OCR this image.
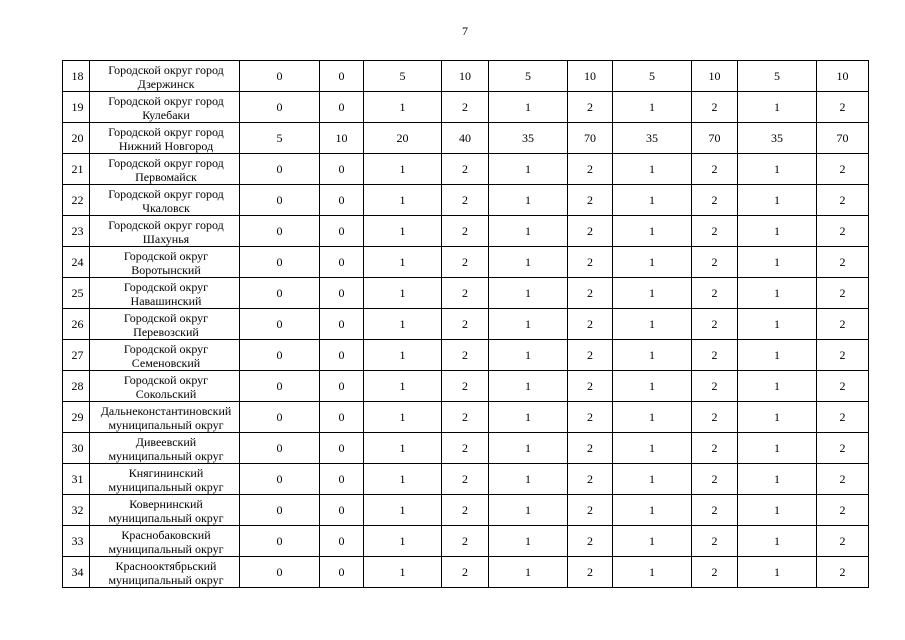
7
18	Городской округ город
Дзержинск	0	0	5	10	5	10	5	10	5	10
19	Городской округ город
Кулебаки	0	0	1	2	1	2	1	2	1	2
20	Городской округ город
Нижний Новгород	5	10	20	40	35	70	35	70	35	70
21	Городской округ город
Первомайск	0	0	1	2	1	2	1	2	1	2
22	Городской округ город
Чкаловск	0	0	1	2	1	2	1	2	1	2
23	Городской округ город
Шахунья	0	0	1	2	1	2	1	2	1	2
24	Городской округ
Воротынский	0	0	1	2	1	2	1	2	1	2
25	Городской округ
Навашинский	0	0	1	2	1	2	1	2	1	2
26	Городской округ
Перевозский	0	0	1	2	1	2	1	2	1	2
27	Городской округ
Семеновский	0	0	1	2	1	2	1	2	1	2
28	Городской округ
Сокольский	0	0	1	2	1	2	1	2	1	2
29	Дальнеконстантиновский
муниципальный округ	0	0	1	2	1	2	1	2	1	2
30	Дивеевский
муниципальный округ	0	0	1	2	1	2	1	2	1	2
31	Княгининский
муниципальный округ	0	0	1	2	1	2	1	2	1	2
32	Ковернинский
муниципальный округ	0	0	1	2	1	2	1	2	1	2
33	Краснобаковский
муниципальный округ	0	0	1	2	1	2	1	2	1	2
34	Краснооктябрьский
муниципальный округ	0	0	1	2	1	2	1	2	1	2
